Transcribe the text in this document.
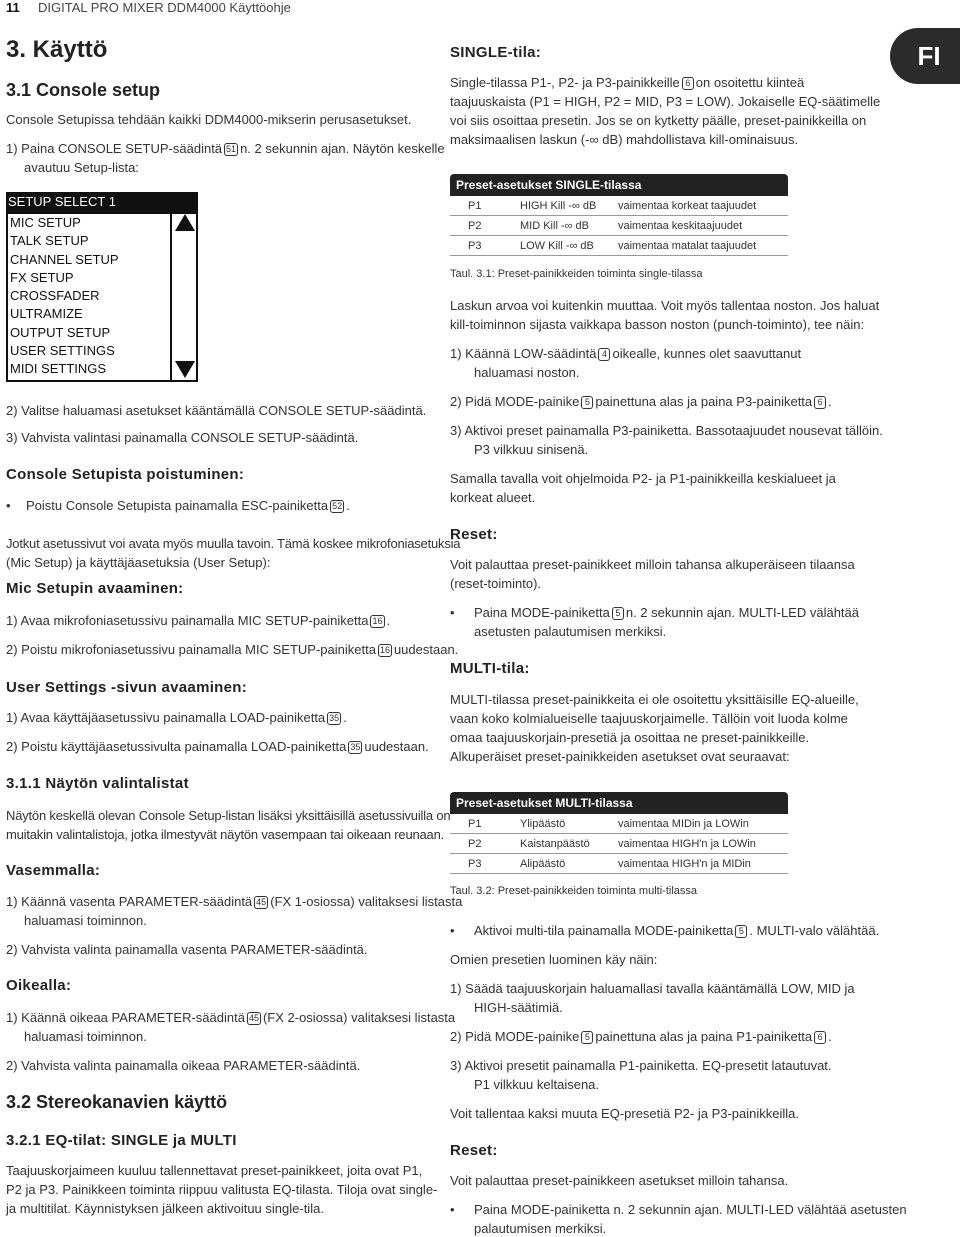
11 DIGITAL PRO MIXER DDM4000 Käyttöohje
FI
3. Käyttö
3.1 Console setup
Console Setupissa tehdään kaikki DDM4000-mikserin perusasetukset.
1) Paina CONSOLE SETUP-säädintä 51 n. 2 sekunnin ajan. Näytön keskelle
avautuu Setup-lista:
SETUP SELECT 1
MIC SETUP
TALK SETUP
CHANNEL SETUP
FX SETUP
CROSSFADER
ULTRAMIZE
OUTPUT SETUP
USER SETTINGS
MIDI SETTINGS
2) Valitse haluamasi asetukset kääntämällä CONSOLE SETUP-säädintä.
3) Vahvista valintasi painamalla CONSOLE SETUP-säädintä.
Console Setupista poistuminen:
• Poistu Console Setupista painamalla ESC-painiketta 52 .
Jotkut asetussivut voi avata myös muulla tavoin. Tämä koskee mikrofoniasetuksia
(Mic Setup) ja käyttäjäasetuksia (User Setup):
Mic Setupin avaaminen:
1) Avaa mikrofoniasetussivu painamalla MIC SETUP-painiketta 16 .
2) Poistu mikrofoniasetussivu painamalla MIC SETUP-painiketta 16 uudestaan.
User Settings -sivun avaaminen:
1) Avaa käyttäjäasetussivu painamalla LOAD-painiketta 35 .
2) Poistu käyttäjäasetussivulta painamalla LOAD-painiketta 35 uudestaan.
3.1.1 Näytön valintalistat
Näytön keskellä olevan Console Setup-listan lisäksi yksittäisillä asetussivuilla on
muitakin valintalistoja, jotka ilmestyvät näytön vasempaan tai oikeaan reunaan.
Vasemmalla:
1) Käännä vasenta PARAMETER-säädintä 45 (FX 1-osiossa) valitaksesi listasta
haluamasi toiminnon.
2) Vahvista valinta painamalla vasenta PARAMETER-säädintä.
Oikealla:
1) Käännä oikeaa PARAMETER-säädintä 45 (FX 2-osiossa) valitaksesi listasta
haluamasi toiminnon.
2) Vahvista valinta painamalla oikeaa PARAMETER-säädintä.
3.2 Stereokanavien käyttö
3.2.1 EQ-tilat: SINGLE ja MULTI
Taajuuskorjaimeen kuuluu tallennettavat preset-painikkeet, joita ovat P1,
P2 ja P3. Painikkeen toiminta riippuu valitusta EQ-tilasta. Tiloja ovat single-
ja multitilat. Käynnistyksen jälkeen aktivoituu single-tila.
SINGLE-tila:
Single-tilassa P1-, P2- ja P3-painikkeille 6 on osoitettu kiinteä
taajuuskaista (P1 = HIGH, P2 = MID, P3 = LOW). Jokaiselle EQ-säätimelle
voi siis osoittaa presetin. Jos se on kytketty päälle, preset-painikkeilla on
maksimaalisen laskun (-∞ dB) mahdollistava kill-ominaisuus.
Preset-asetukset SINGLE-tilassa
P1	HIGH Kill -∞ dB vaimentaa korkeat taajuudet
P2	MID Kill -∞ dB	vaimentaa keskitaajuudet
P3	LOW Kill -∞ dB vaimentaa matalat taajuudet
Taul. 3.1: Preset-painikkeiden toiminta single-tilassa
Laskun arvoa voi kuitenkin muuttaa. Voit myös tallentaa noston. Jos haluat
kill-toiminnon sijasta vaikkapa basson noston (punch-toiminto), tee näin:
1) Käännä LOW-säädintä 4 oikealle, kunnes olet saavuttanut
haluamasi noston.
2) Pidä MODE-painike 5 painettuna alas ja paina P3-painiketta 6 .
3) Aktivoi preset painamalla P3-painiketta. Bassotaajuudet nousevat tällöin.
P3 vilkkuu sinisenä.
Samalla tavalla voit ohjelmoida P2- ja P1-painikkeilla keskialueet ja
korkeat alueet.
Reset:
Voit palauttaa preset-painikkeet milloin tahansa alkuperäiseen tilaansa
(reset-toiminto).
• Paina MODE-painiketta 5 n. 2 sekunnin ajan. MULTI-LED välähtää
asetusten palautumisen merkiksi.
MULTI-tila:
MULTI-tilassa preset-painikkeita ei ole osoitettu yksittäisille EQ-alueille,
vaan koko kolmialueiselle taajuuskorjaimelle. Tällöin voit luoda kolme
omaa taajuuskorjain-presetiä ja osoittaa ne preset-painikkeille.
Alkuperäiset preset-painikkeiden asetukset ovat seuraavat:
Preset-asetukset MULTI-tilassa
P1	Ylipäästö	vaimentaa MIDin ja LOWin
P2	Kaistanpäästö	vaimentaa HIGH'n ja LOWin
P3	Alipäästö	vaimentaa HIGH'n ja MIDin
Taul. 3.2: Preset-painikkeiden toiminta multi-tilassa
• Aktivoi multi-tila painamalla MODE-painiketta 5 . MULTI-valo välähtää.
Omien presetien luominen käy näin:
1) Säädä taajuuskorjain haluamallasi tavalla kääntämällä LOW, MID ja
HIGH-säätimiä.
2) Pidä MODE-painike 5 painettuna alas ja paina P1-painiketta 6 .
3) Aktivoi presetit painamalla P1-painiketta. EQ-presetit latautuvat.
P1 vilkkuu keltaisena.
Voit tallentaa kaksi muuta EQ-presetiä P2- ja P3-painikkeilla.
Reset:
Voit palauttaa preset-painikkeen asetukset milloin tahansa.
• Paina MODE-painiketta n. 2 sekunnin ajan. MULTI-LED välähtää asetusten
palautumisen merkiksi.
